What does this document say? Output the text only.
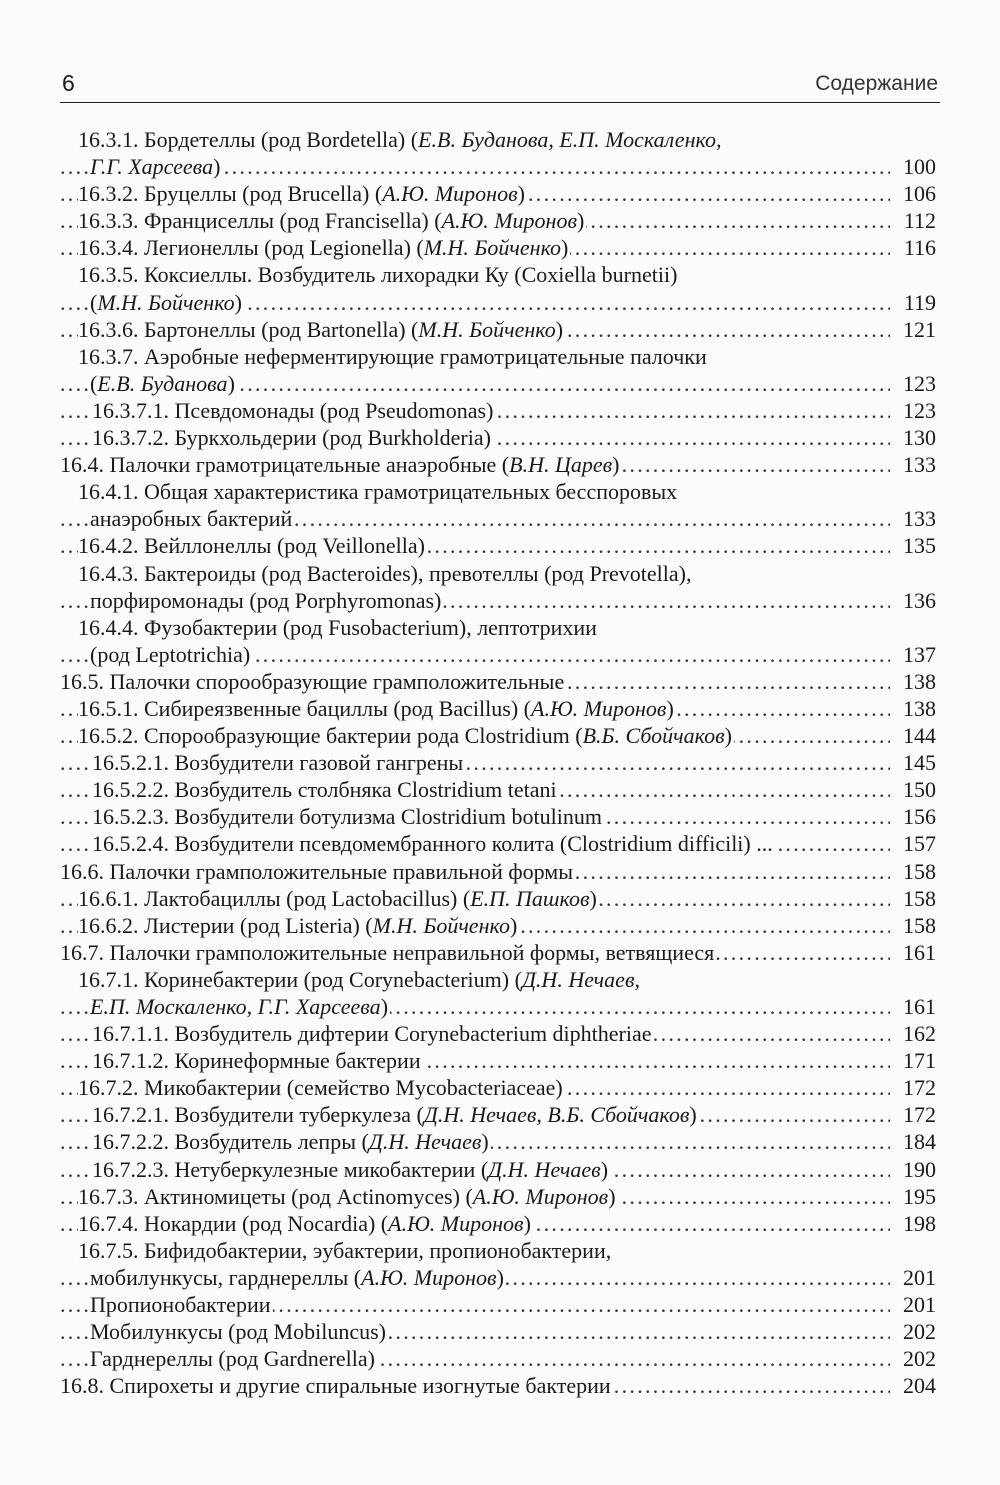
6	Содержание
16.3.1. Бордетеллы (род Bordetella) (Е.В. Буданова, Е.П. Москаленко,
Г.Г. Харсеева)	100
. . .
16.3.2. Бруцеллы (род Brucella) (А.Ю. Миронов)	106
. . .
16.3.3. Франциселлы (род Francisella) (А.Ю. Миронов)	112
. . .
16.3.4. Легионеллы (род Legionella) (М.Н. Бойченко)	116
. . .
16.3.5. Коксиеллы. Возбудитель лихорадки Ку (Coxiella burnetii)
(М.Н. Бойченко)	119
. . .
16.3.6. Бартонеллы (род Bartonella) (М.Н. Бойченко)	121
. . .
16.3.7. Аэробные неферментирующие грамотрицательные палочки
(Е.В. Буданова)	123
. . .
16.3.7.1. Псевдомонады (род Pseudomonas)	123
. . .
16.3.7.2. Буркхольдерии (род Burkholderia)	130
. . .
16.4. Палочки грамотрицательные анаэробные (В.Н. Царев)	133
. . .
16.4.1. Общая характеристика грамотрицательных бесспоровых
анаэробных бактерий	133
. . .
16.4.2. Вейллонеллы (род Veillonella)	135
. . .
16.4.3. Бактероиды (род Bacteroides), превотеллы (род Prevotella),
порфиромонады (род Porphyromonas)	136
. . .
16.4.4. Фузобактерии (род Fusobacterium), лептотрихии
(род Leptotrichia)	137
. . .
16.5. Палочки спорообразующие грамположительные	138
. . .
16.5.1. Сибиреязвенные бациллы (род Bacillus) (А.Ю. Миронов)	138
. . .
16.5.2. Спорообразующие бактерии рода Clostridium (В.Б. Сбойчаков)	144
. . .
16.5.2.1. Возбудители газовой гангрены	145
. . .
16.5.2.2. Возбудитель столбняка Clostridium tetani	150
. . .
16.5.2.3. Возбудители ботулизма Clostridium botulinum	156
. . .
16.5.2.4. Возбудители псевдомембранного колита (Clostridium difficili) ...	157
. . .
16.6. Палочки грамположительные правильной формы	158
. . .
16.6.1. Лактобациллы (род Lactobacillus) (Е.П. Пашков)	158
. . .
16.6.2. Листерии (род Listeria) (М.Н. Бойченко)	158
. . .
16.7. Палочки грамположительные неправильной формы, ветвящиеся	161
. . .
16.7.1. Коринебактерии (род Corynebacterium) (Д.Н. Нечаев,
Е.П. Москаленко, Г.Г. Харсеева)	161
. . .
16.7.1.1. Возбудитель дифтерии Corynebacterium diphtheriae	162
. . .
16.7.1.2. Коринеформные бактерии	171
. . .
16.7.2. Микобактерии (семейство Mycobacteriaceae)	172
. . .
16.7.2.1. Возбудители туберкулеза (Д.Н. Нечаев, В.Б. Сбойчаков)	172
. . .
16.7.2.2. Возбудитель лепры (Д.Н. Нечаев)	184
. . .
16.7.2.3. Нетуберкулезные микобактерии (Д.Н. Нечаев)	190
. . .
16.7.3. Актиномицеты (род Actinomyces) (А.Ю. Миронов)	195
. . .
16.7.4. Нокардии (род Nocardia) (А.Ю. Миронов)	198
. . .
16.7.5. Бифидобактерии, эубактерии, пропионобактерии,
мобилункусы, гарднереллы (А.Ю. Миронов)	201
. . .
Пропионобактерии	201
. . .
Мобилункусы (род Mobiluncus)	202
. . .
Гарднереллы (род Gardnerella)	202
. . .
16.8. Спирохеты и другие спиральные изогнутые бактерии	204
. . .
